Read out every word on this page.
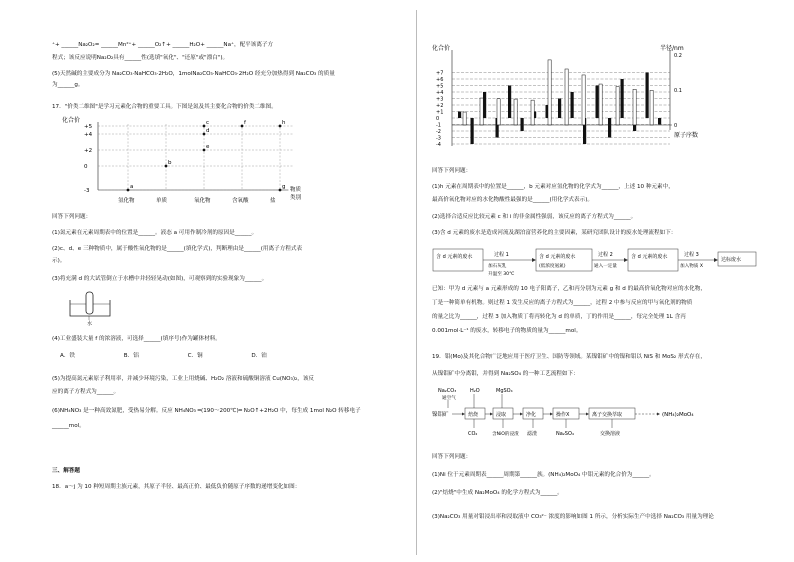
⁺+ ______Na₂O₂= ______Mn²⁺+ ______O₂↑+ ______H₂O+ ______Na⁺，配平该离子方
程式；该反应说明Na₂O₂具有______性(选填"氧化"、"还原"或"漂白")。
(5)天然碱的主要成分为 Na₂CO₃·NaHCO₃·2H₂O，1molNa₂CO₃·NaHCO₃·2H₂O 经充分加热得到 Na₂CO₃ 的质量
为______g。
17．"价类二维图"是学习元素化合物的重要工具。下图是氮及其主要化合物的价类二维图。
化合价
+5
+4
+2
0
-3
氢化物	单质	氧化物	含氧酸	盐
a
b
c
d
e
f
g
h
物质
类别
回答下列问题：
(1)氮元素在元素周期表中的位置是______。液态 a 可用作制冷剂的原因是______。
(2)c、d、e 三种物质中，属于酸性氧化物的是______(填化学式)，判断理由是______(用离子方程式表
示)。
(3)将充满 d 的大试管倒立于水槽中并轻轻晃动(如图)，可观察到的实验现象为______。
水
(4)工业盛装大量 f 的浓溶液，可选择______(填序号)作为罐体材料。
A．铁	B．铝	C．铜	D．铂
(5)为提高氮元素原子利用率，并减少环境污染，工业上用烧碱、H₂O₂ 溶液和硫酸铜溶液 Cu(NO₃)₂，该反
应的离子方程式为______。
(6)NH₄NO₃ 是一种高效氮肥，受热易分解。反应 NH₄NO₃ ═(190～200℃)═ N₂O↑+2H₂O 中，每生成 1mol N₂O 转移电子
______mol。
三、解答题
18．a～j 为 10 种短周期主族元素，其原子半径、最高正价、最低负价随原子序数的递增变化如图：
化合价	半径/nm
+7
+6
+5
+4
+3
+2
+1
0
-1
-2
-3
-4
0.2
0.1
0
原子序数
回答下列问题：
(1)h 元素在周期表中的位置是______，b 元素对应氢化物的化学式为______，上述 10 种元素中，
最高价氧化物对应的水化物酸性最强的是______(用化学式表示)。
(2)选择合适反应比较元素 c 和 i 的非金属性强弱，该反应的离子方程式为______。
(3)含 d 元素的废水是造成河流及湖泊富营养化的主要因素，某研究团队设计的废水处理流程如下：
含 d 元素的废水	过程 1
加石灰乳
升温至 30℃
含 d 元素的废水
(低浓度氨氮)
过程 2
通入一定量
含 d 元素的废水	过程 3
加入物质 X
达标废水
已知：甲为 d 元素与 a 元素形成的 10 电子阳离子，乙和丙分别为元素 g 和 d 的最高价氧化物对应的水化物，
丁是一种简单有机物。则过程 1 发生反应的离子方程式为______，过程 2 中参与反应的甲与氧化剂的物质
的量之比为______，过程 3 加入物质丁将丙转化为 d 的单质，丁的作用是______，每完全处理 1L 含丙
0.001mol·L⁻¹ 的废水，转移电子的物质的量为______mol。
19．钼(Mo)及其化合物广泛地应用于医疗卫生、国防等领域。某镍钼矿中的镍和钼以 NiS 和 MoS₂ 形式存在，
从镍钼矿中分离钼，并得到 Na₂SO₄ 的一种工艺流程如下：
Na₂CO₃
通空气
H₂O	MgSO₄
镍钼矿	焙烧	浸取	净化	操作X	离子交换萃取	(NH₄)₂MoO₄
CO₂	含NiO的浸渣 滤渣	Na₂SO₄	交换溶液
回答下列问题：
(1)Ni 位于元素周期表______周期第______族。(NH₄)₂MoO₄ 中钼元素的化合价为______。
(2)"焙烧"中生成 Na₂MoO₄ 的化学方程式为______。
(3)Na₂CO₃ 用量对钼浸出率和浸取液中 CO₃²⁻ 浓度的影响如图 1 所示，分析实际生产中选择 Na₂CO₃ 用量为理论
